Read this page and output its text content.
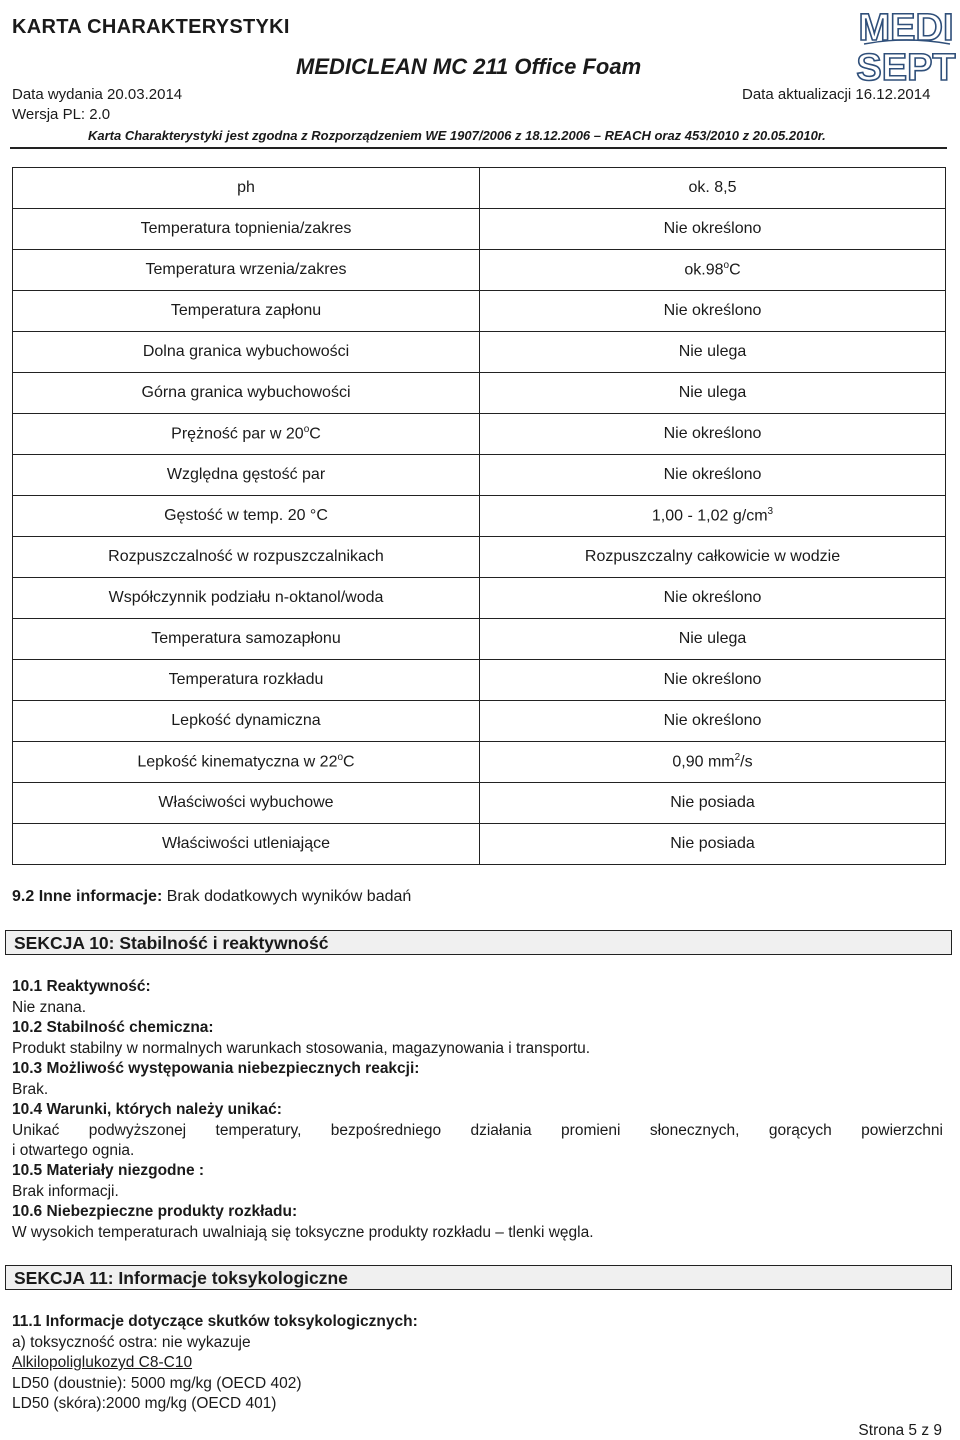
KARTA CHARAKTERYSTYKI
MEDICLEAN MC 211 Office Foam
Data wydania 20.03.2014	Data aktualizacji 16.12.2014
Wersja PL: 2.0
Karta Charakterystyki jest zgodna z Rozporządzeniem WE 1907/2006 z 18.12.2006 – REACH oraz 453/2010 z 20.05.2010r.
MEDI
SEPT
ph	ok. 8,5
Temperatura topnienia/zakres	Nie określono
Temperatura wrzenia/zakres	ok.98$^o$C
Temperatura zapłonu	Nie określono
Dolna granica wybuchowości	Nie ulega
Górna granica wybuchowości	Nie ulega
Prężność par w 20$^o$C	Nie określono
Względna gęstość par	Nie określono
Gęstość w temp. 20 °C	1,00 - 1,02 $g/cm^3$
Rozpuszczalność w rozpuszczalnikach	Rozpuszczalny całkowicie w wodzie
Współczynnik podziału n-oktanol/woda	Nie określono
Temperatura samozapłonu	Nie ulega
Temperatura rozkładu	Nie określono
Lepkość dynamiczna	Nie określono
Lepkość kinematyczna w 22$^o$C	0,90 $mm^2/s$
Właściwości wybuchowe	Nie posiada
Właściwości utleniające	Nie posiada
9.2 Inne informacje: Brak dodatkowych wyników badań
SEKCJA 10: Stabilność i reaktywność
10.1 Reaktywność:
Nie znana.
10.2 Stabilność chemiczna:
Produkt stabilny w normalnych warunkach stosowania, magazynowania i transportu.
10.3 Możliwość występowania niebezpiecznych reakcji:
Brak.
10.4 Warunki, których należy unikać:
Unikać podwyższonej temperatury, bezpośredniego działania promieni słonecznych, gorących powierzchni
i otwartego ognia.
10.5 Materiały niezgodne :
Brak informacji.
10.6 Niebezpieczne produkty rozkładu:
W wysokich temperaturach uwalniają się toksyczne produkty rozkładu – tlenki węgla.
SEKCJA 11: Informacje toksykologiczne
11.1 Informacje dotyczące skutków toksykologicznych:
a) toksyczność ostra: nie wykazuje
Alkilopoliglukozyd C8-C10
LD50 (doustnie): 5000 mg/kg (OECD 402)
LD50 (skóra):2000 mg/kg (OECD 401)
Strona 5 z 9
